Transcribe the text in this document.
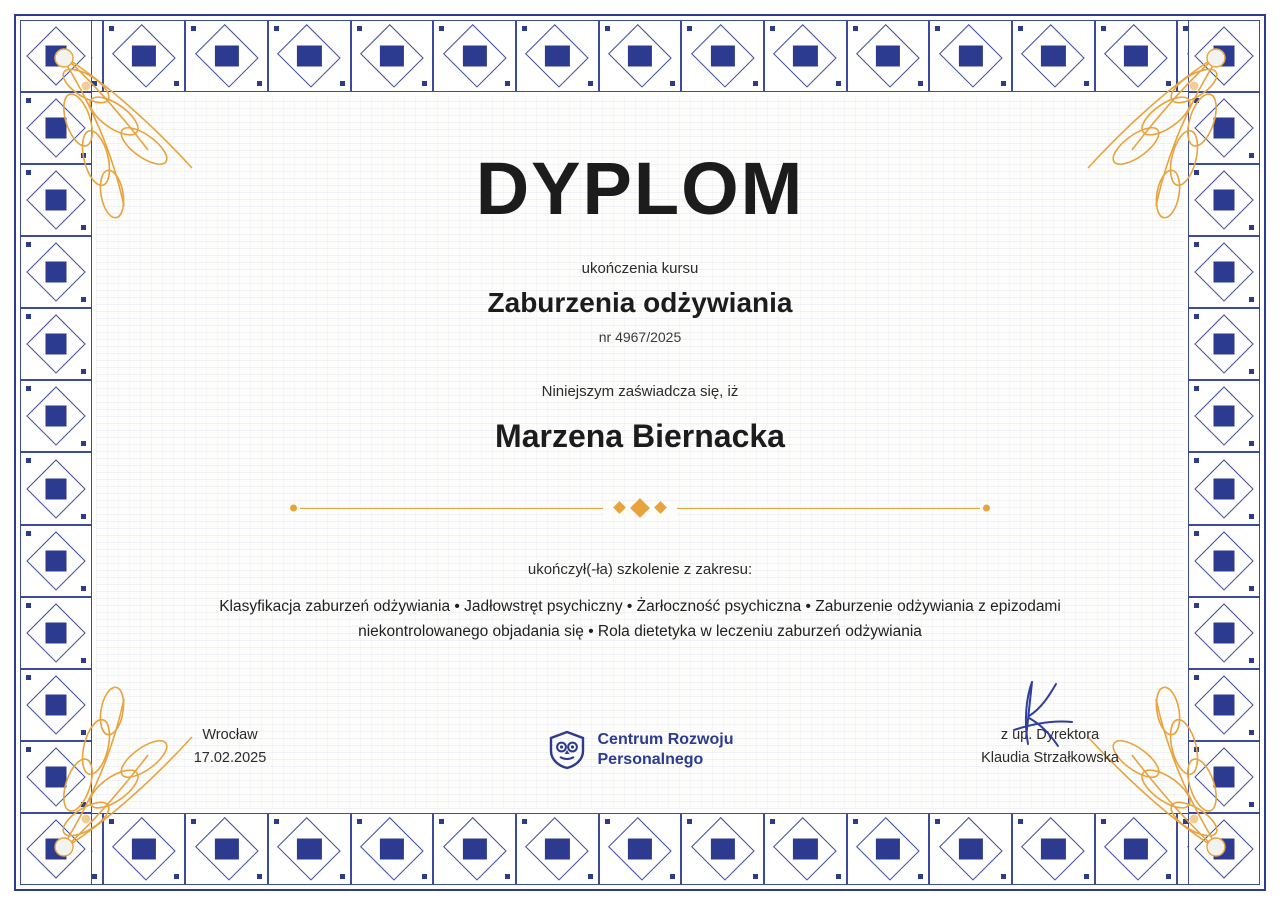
DYPLOM

ukończenia kursu

Zaburzenia odżywiania

nr 4967/2025

Niniejszym zaświadcza się, iż

Marzena Biernacka

ukończył(-ła) szkolenie z zakresu:

Klasyfikacja zaburzeń odżywiania • Jadłowstręt psychiczny • Żarłoczność psychiczna • Zaburzenie odżywiania z epizodami niekontrolowanego objadania się • Rola dietetyka w leczeniu zaburzeń odżywiania

Wrocław
17.02.2025
Centrum Rozwoju
Personalnego
z up. Dyrektora
Klaudia Strzałkowska
